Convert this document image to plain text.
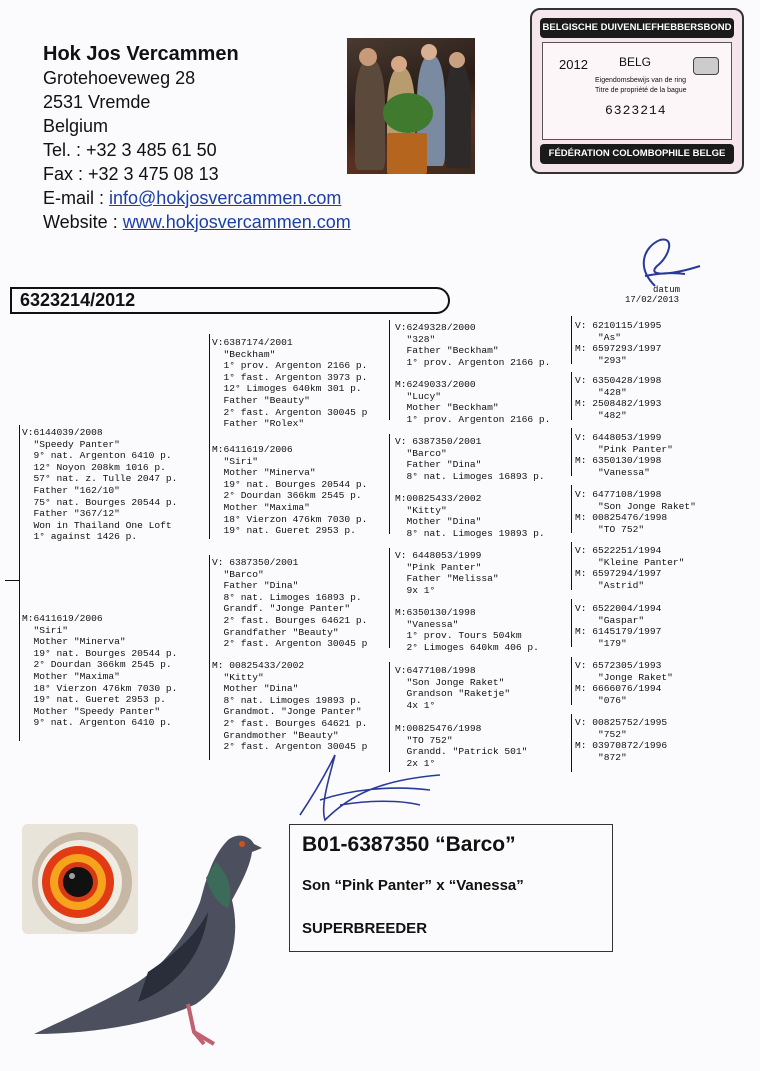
Hok Jos Vercammen
Grotehoeveweg 28
2531 Vremde
Belgium
Tel. : +32 3 485 61 50
Fax : +32 3 475 08 13
E-mail : info@hokjosvercammen.com
Website : www.hokjosvercammen.com
BELGISCHE DUIVENLIEFHEBBERSBOND
2012	BELG
Eigendomsbewijs van de ring
Titre de propriété de la bague
6323214
FÉDÉRATION COLOMBOPHILE BELGE
datum
17/02/2013
6323214/2012
V:6144039/2008
"Speedy Panter"
9° nat. Argenton 6410 p.
12° Noyon 208km 1016 p.
57° nat. z. Tulle 2047 p.
Father "162/10"
75° nat. Bourges 20544 p.
Father "367/12"
Won in Thailand One Loft
1° against 1426 p.
M:6411619/2006
"Siri"
Mother "Minerva"
19° nat. Bourges 20544 p.
2° Dourdan 366km 2545 p.
Mother "Maxima"
18° Vierzon 476km 7030 p.
19° nat. Gueret 2953 p.
Mother "Speedy Panter"
9° nat. Argenton 6410 p.
V:6387174/2001
"Beckham"
1° prov. Argenton 2166 p.
1° fast. Argenton 3973 p.
12° Limoges 640km 301 p.
Father "Beauty"
2° fast. Argenton 30045 p
Father "Rolex"
M:6411619/2006
"Siri"
Mother "Minerva"
19° nat. Bourges 20544 p.
2° Dourdan 366km 2545 p.
Mother "Maxima"
18° Vierzon 476km 7030 p.
19° nat. Gueret 2953 p.
V: 6387350/2001
"Barco"
Father "Dina"
8° nat. Limoges 16893 p.
Grandf. "Jonge Panter"
2° fast. Bourges 64621 p.
Grandfather "Beauty"
2° fast. Argenton 30045 p
M: 00825433/2002
"Kitty"
Mother "Dina"
8° nat. Limoges 19893 p.
Grandmot. "Jonge Panter"
2° fast. Bourges 64621 p.
Grandmother "Beauty"
2° fast. Argenton 30045 p
V:6249328/2000
"328"
Father "Beckham"
1° prov. Argenton 2166 p.
M:6249033/2000
"Lucy"
Mother "Beckham"
1° prov. Argenton 2166 p.
V: 6387350/2001
"Barco"
Father "Dina"
8° nat. Limoges 16893 p.
M:00825433/2002
"Kitty"
Mother "Dina"
8° nat. Limoges 19893 p.
V: 6448053/1999
"Pink Panter"
Father "Melissa"
9x 1°
M:6350130/1998
"Vanessa"
1° prov. Tours 504km
2° Limoges 640km 406 p.
V:6477108/1998
"Son Jonge Raket"
Grandson "Raketje"
4x 1°
M:00825476/1998
"TO 752"
Grandd. "Patrick 501"
2x 1°
V: 6210115/1995
"As"
M: 6597293/1997
"293"
V: 6350428/1998
"428"
M: 2508482/1993
"482"
V: 6448053/1999
"Pink Panter"
M: 6350130/1998
"Vanessa"
V: 6477108/1998
"Son Jonge Raket"
M: 00825476/1998
"TO 752"
V: 6522251/1994
"Kleine Panter"
M: 6597294/1997
"Astrid"
V: 6522004/1994
"Gaspar"
M: 6145179/1997
"179"
V: 6572305/1993
"Jonge Raket"
M: 6666076/1994
"076"
V: 00825752/1995
"752"
M: 03970872/1996
"872"
B01-6387350 “Barco”
Son “Pink Panter” x “Vanessa”
SUPERBREEDER
